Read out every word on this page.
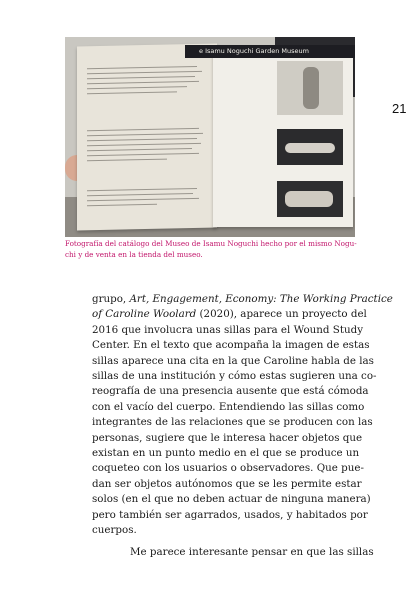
e Isamu Noguchi Garden Museum

Fotografía del catálogo del Museo de Isamu Noguchi hecho por el mismo Nogu-
chi y de venta en la tienda del museo.

21

grupo, Art, Engagement, Economy: The Working Practice
of Caroline Woolard (2020), aparece un proyecto del
2016 que involucra unas sillas para el Wound Study
Center. En el texto que acompaña la imagen de estas
sillas aparece una cita en la que Caroline habla de las
sillas de una institución y cómo estas sugieren una co-
reografía de una presencia ausente que está cómoda
con el vacío del cuerpo. Entendiendo las sillas como
integrantes de las relaciones que se producen con las
personas, sugiere que le interesa hacer objetos que
existan en un punto medio en el que se produce un
coqueteo con los usuarios o observadores. Que pue-
dan ser objetos autónomos que se les permite estar
solos (en el que no deben actuar de ninguna manera)
pero también ser agarrados, usados, y habitados por
cuerpos.

Me parece interesante pensar en que las sillas
